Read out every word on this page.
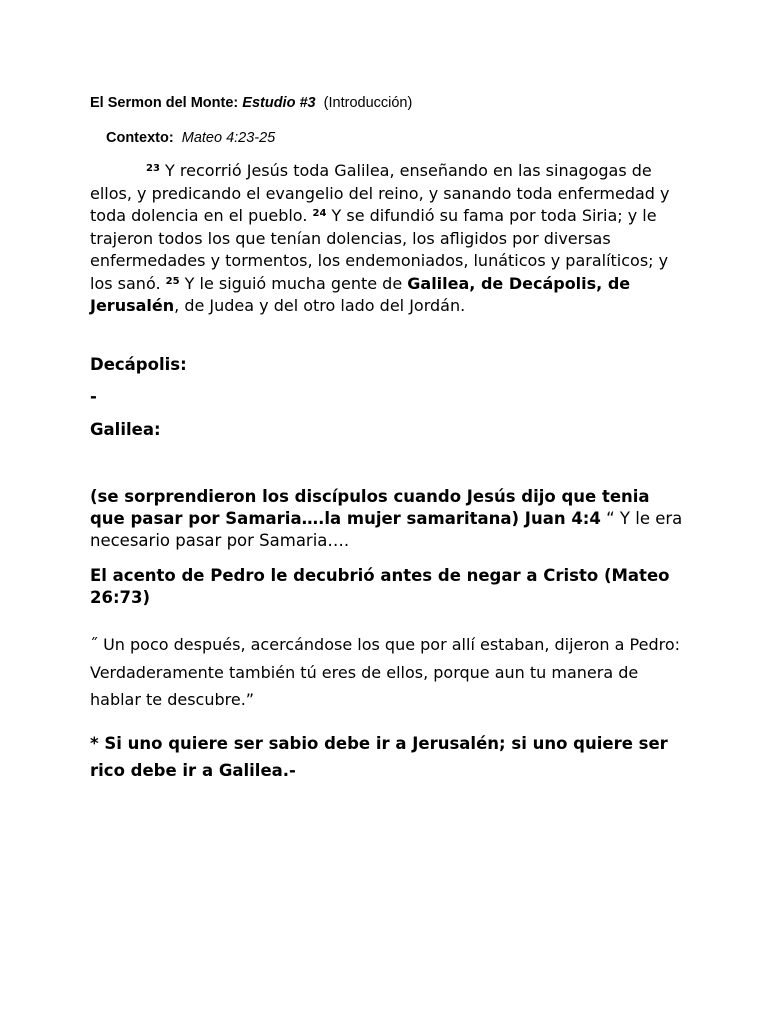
El Sermon del Monte: Estudio #3 (Introducción)
Contexto: Mateo 4:23-25
$^{23}$ Y recorrió Jesús toda Galilea, enseñando en las sinagogas de ellos, y predicando el evangelio del reino, y sanando toda enfermedad y toda dolencia en el pueblo. $^{24}$ Y se difundió su fama por toda Siria; y le trajeron todos los que tenían dolencias, los afligidos por diversas enfermedades y tormentos, los endemoniados, lunáticos y paralíticos; y los sanó. $^{25}$ Y le siguió mucha gente de Galilea, de Decápolis, de Jerusalén, de Judea y del otro lado del Jordán.
Decápolis:
-
Galilea:
(se sorprendieron los discípulos cuando Jesús dijo que tenia que pasar por Samaria….la mujer samaritana) Juan 4:4 “ Y le era necesario pasar por Samaria….
El acento de Pedro le decubrió antes de negar a Cristo (Mateo 26:73)
˝ Un poco después, acercándose los que por allí estaban, dijeron a Pedro: Verdaderamente también tú eres de ellos, porque aun tu manera de hablar te descubre.”
* Si uno quiere ser sabio debe ir a Jerusalén; si uno quiere ser rico debe ir a Galilea.-
